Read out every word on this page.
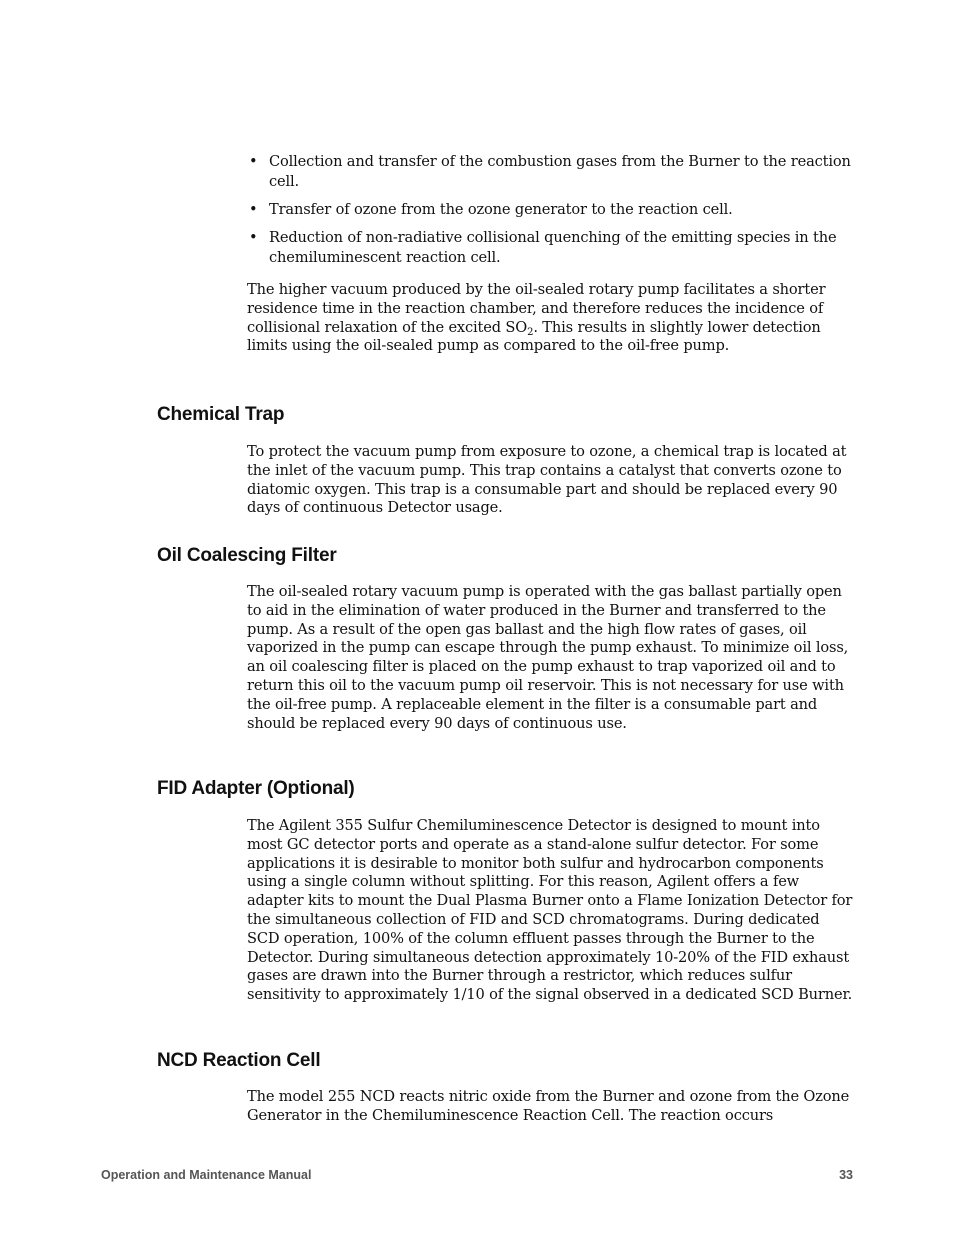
• Collection and transfer of the combustion gases from the Burner to the reaction cell.
• Transfer of ozone from the ozone generator to the reaction cell.
• Reduction of non-radiative collisional quenching of the emitting species in the chemiluminescent reaction cell.

The higher vacuum produced by the oil-sealed rotary pump facilitates a shorter residence time in the reaction chamber, and therefore reduces the incidence of collisional relaxation of the excited $SO_2$. This results in slightly lower detection limits using the oil-sealed pump as compared to the oil-free pump.

Chemical Trap

To protect the vacuum pump from exposure to ozone, a chemical trap is located at the inlet of the vacuum pump. This trap contains a catalyst that converts ozone to diatomic oxygen. This trap is a consumable part and should be replaced every 90 days of continuous Detector usage.

Oil Coalescing Filter

The oil-sealed rotary vacuum pump is operated with the gas ballast partially open to aid in the elimination of water produced in the Burner and transferred to the pump. As a result of the open gas ballast and the high flow rates of gases, oil vaporized in the pump can escape through the pump exhaust. To minimize oil loss, an oil coalescing filter is placed on the pump exhaust to trap vaporized oil and to return this oil to the vacuum pump oil reservoir. This is not necessary for use with the oil-free pump. A replaceable element in the filter is a consumable part and should be replaced every 90 days of continuous use.

FID Adapter (Optional)

The Agilent 355 Sulfur Chemiluminescence Detector is designed to mount into most GC detector ports and operate as a stand-alone sulfur detector. For some applications it is desirable to monitor both sulfur and hydrocarbon components using a single column without splitting. For this reason, Agilent offers a few adapter kits to mount the Dual Plasma Burner onto a Flame Ionization Detector for the simultaneous collection of FID and SCD chromatograms. During dedicated SCD operation, 100% of the column effluent passes through the Burner to the Detector. During simultaneous detection approximately 10-20% of the FID exhaust gases are drawn into the Burner through a restrictor, which reduces sulfur sensitivity to approximately 1/10 of the signal observed in a dedicated SCD Burner.

NCD Reaction Cell

The model 255 NCD reacts nitric oxide from the Burner and ozone from the Ozone Generator in the Chemiluminescence Reaction Cell. The reaction occurs

Operation and Maintenance Manual	33
